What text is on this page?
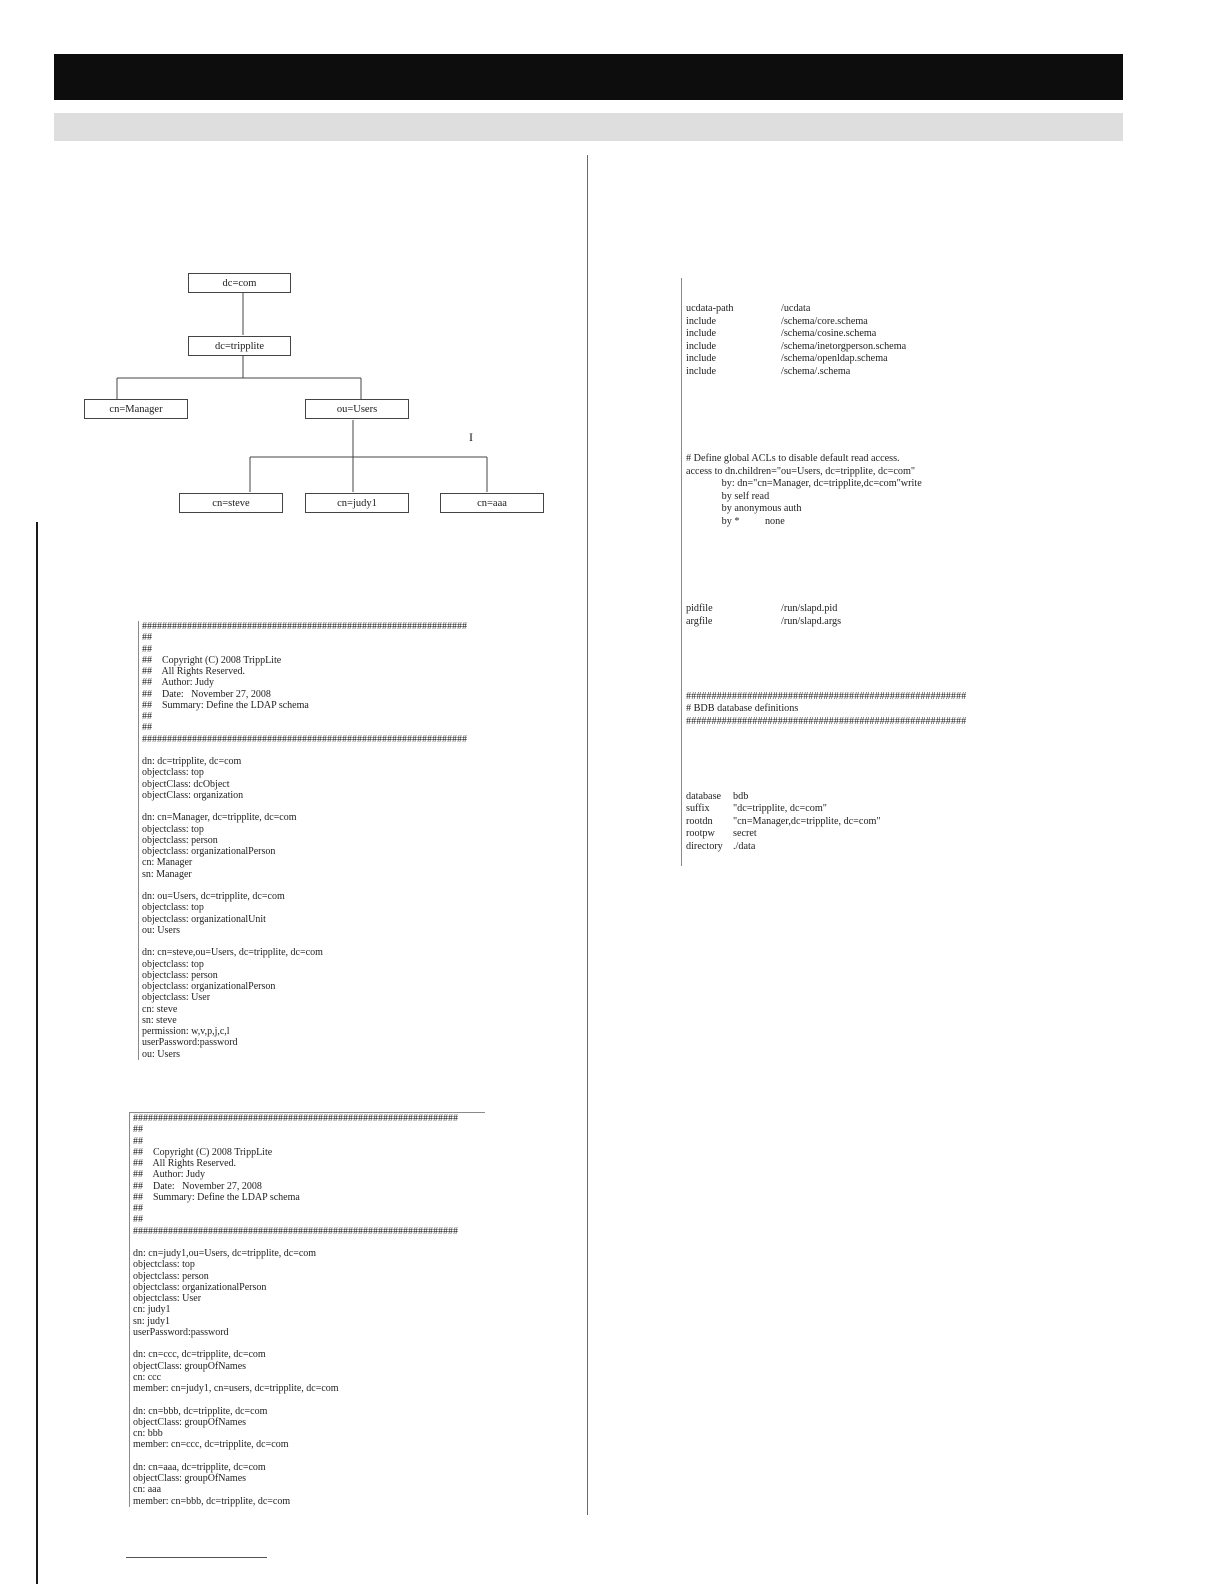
dc=com
dc=tripplite
cn=Manager	ou=Users
cn=steve	cn=judy1	cn=aaa
I
#################################################################
##
##
##    Copyright (C) 2008 TrippLite
##    All Rights Reserved.
##    Author: Judy
##    Date:   November 27, 2008
##    Summary: Define the LDAP schema
##
##
#################################################################
dn: dc=tripplite, dc=com
objectclass: top
objectClass: dcObject
objectClass: organization
dn: cn=Manager, dc=tripplite, dc=com
objectclass: top
objectclass: person
objectclass: organizationalPerson
cn: Manager
sn: Manager
dn: ou=Users, dc=tripplite, dc=com
objectclass: top
objectclass: organizationalUnit
ou: Users
dn: cn=steve,ou=Users, dc=tripplite, dc=com
objectclass: top
objectclass: person
objectclass: organizationalPerson
objectclass: User
cn: steve
sn: steve
permission: w,v,p,j,c,l
userPassword:password
ou: Users
#################################################################
##
##
##    Copyright (C) 2008 TrippLite
##    All Rights Reserved.
##    Author: Judy
##    Date:   November 27, 2008
##    Summary: Define the LDAP schema
##
##
#################################################################
dn: cn=judy1,ou=Users, dc=tripplite, dc=com
objectclass: top
objectclass: person
objectclass: organizationalPerson
objectclass: User
cn: judy1
sn: judy1
userPassword:password
dn: cn=ccc, dc=tripplite, dc=com
objectClass: groupOfNames
cn: ccc
member: cn=judy1, cn=users, dc=tripplite, dc=com
dn: cn=bbb, dc=tripplite, dc=com
objectClass: groupOfNames
cn: bbb
member: cn=ccc, dc=tripplite, dc=com
dn: cn=aaa, dc=tripplite, dc=com
objectClass: groupOfNames
cn: aaa
member: cn=bbb, dc=tripplite, dc=com

ucdata-path	/ucdata
include	/schema/core.schema
include	/schema/cosine.schema
include	/schema/inetorgperson.schema
include	/schema/openldap.schema
include	/schema/.schema

# Define global ACLs to disable default read access.
access to dn.children="ou=Users, dc=tripplite, dc=com"
by: dn="cn=Manager, dc=tripplite,dc=com"write
by self read
by anonymous auth
by *          none

pidfile	/run/slapd.pid
argfile	/run/slapd.args

#######################################################
# BDB database definitions
#######################################################

database bdb
suffix "dc=tripplite, dc=com"
rootdn "cn=Manager,dc=tripplite, dc=com"
rootpw secret
directory ./data
